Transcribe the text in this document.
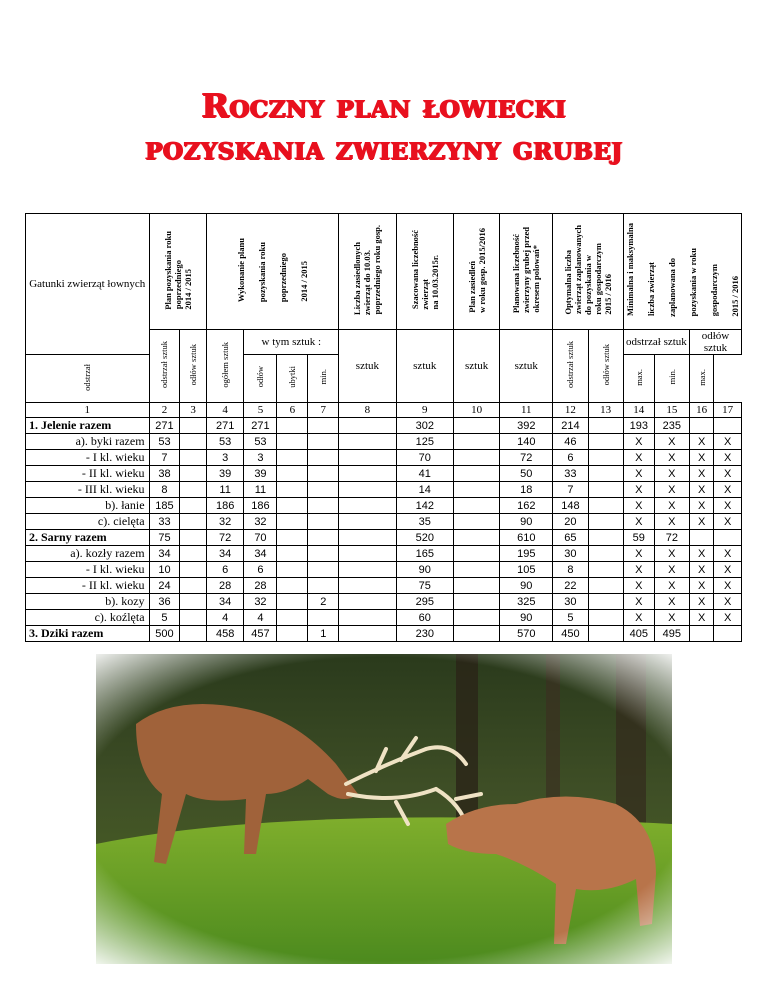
Roczny plan łowiecki
pozyskania zwierzyny grubej
Gatunki zwierząt łownych	Plan pozyskania rokupoprzedniego2014 / 2015		Wykonanie planu pozyskania roku poprzedniego 2014 / 2015				Liczba zasiedlonychzwierząt do 10.03.poprzedniego roku gosp.	Szacowana liczebnośćzwierzątna 10.03.2015r.	Plan zasiedleńw roku gosp. 2015/2016	Planowana liczebnośćzwierzyny grubej przedokresem polowań*	Optymalna liczbazwierząt zaplanowanychdo pozyskania wroku gospodarczym2015 / 2016		Minimalna i maksymalna liczba zwierząt zaplanowana do pozyskania w roku gospodarczym 2015 / 2016			
	odstrzał sztuk	odłów sztuk	ogółem sztuk	w tym sztuk :			sztuk	sztuk	sztuk	sztuk	odstrzał sztuk	odłów sztuk	odstrzał sztuk		odłów sztuk	
odstrzał				odłów	ubytki	min.							max.	min.	max.	
1	2	3	4	5	6	7	8	9	10	11	12	13	14	15	16	17
1. Jelenie razem	271		271	271				302		392	214		193	235		
a). byki razem	53		53	53				125		140	46		X	X	X	X
- I kl. wieku	7		3	3				70		72	6		X	X	X	X
- II kl. wieku	38		39	39				41		50	33		X	X	X	X
- III kl. wieku	8		11	11				14		18	7		X	X	X	X
b). łanie	185		186	186				142		162	148		X	X	X	X
c). cielęta	33		32	32				35		90	20		X	X	X	X
2. Sarny razem	75		72	70				520		610	65		59	72		
a). kozły razem	34		34	34				165		195	30		X	X	X	X
- I kl. wieku	10		6	6				90		105	8		X	X	X	X
- II kl. wieku	24		28	28				75		90	22		X	X	X	X
b). kozy	36		34	32		2		295		325	30		X	X	X	X
c). koźlęta	5		4	4				60		90	5		X	X	X	X
3. Dziki razem	500		458	457		1		230		570	450		405	495		
